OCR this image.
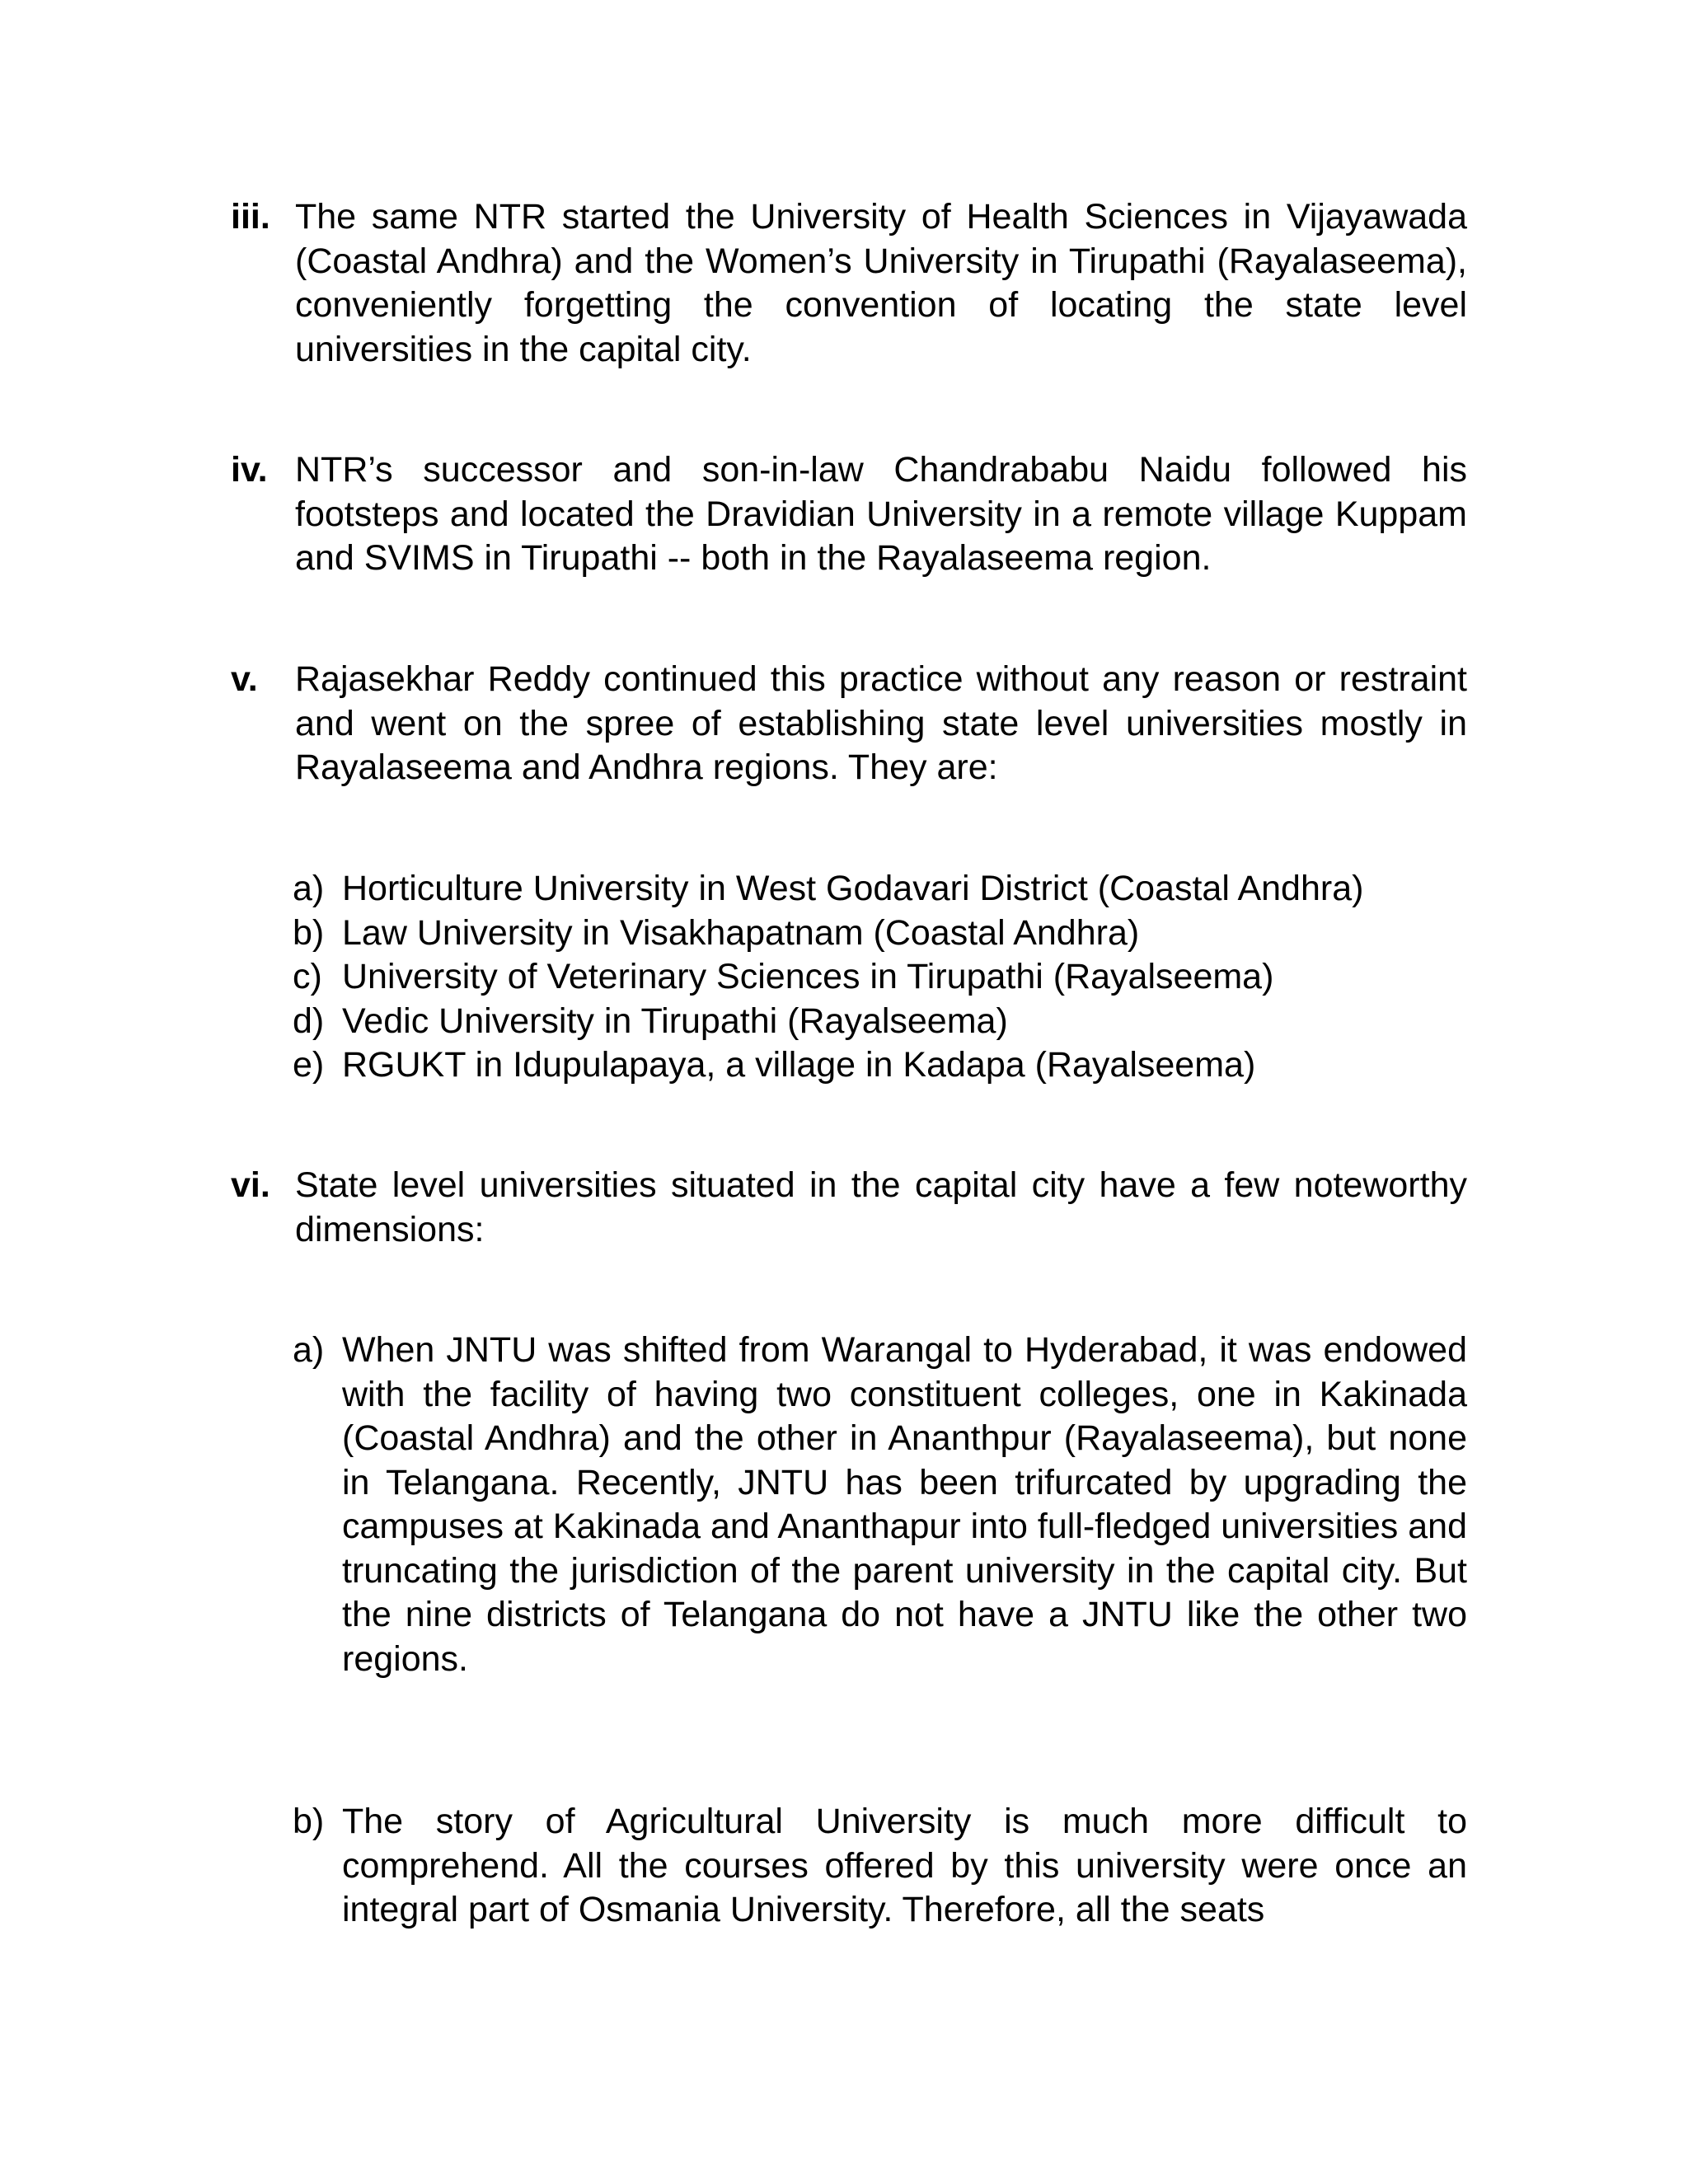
iii. The same NTR started the University of Health Sciences in Vijayawada (Coastal Andhra) and the Women’s University in Tirupathi (Rayalaseema), conveniently forgetting the convention of locating the state level universities in the capital city.
iv. NTR’s successor and son-in-law Chandrababu Naidu followed his footsteps and located the Dravidian University in a remote village Kuppam and SVIMS in Tirupathi -- both in the Rayalaseema region.
v. Rajasekhar Reddy continued this practice without any reason or restraint and went on the spree of establishing state level universities mostly in Rayalaseema and Andhra regions. They are:
a) Horticulture University in West Godavari District (Coastal Andhra)
b) Law University in Visakhapatnam (Coastal Andhra)
c) University of Veterinary Sciences in Tirupathi (Rayalseema)
d) Vedic University in Tirupathi (Rayalseema)
e) RGUKT in Idupulapaya, a village in Kadapa (Rayalseema)
vi. State level universities situated in the capital city have a few noteworthy dimensions:
a) When JNTU was shifted from Warangal to Hyderabad, it was endowed with the facility of having two constituent colleges, one in Kakinada (Coastal Andhra) and the other in Ananthpur (Rayalaseema), but none in Telangana. Recently, JNTU has been trifurcated by upgrading the campuses at Kakinada and Ananthapur into full-fledged universities and truncating the jurisdiction of the parent university in the capital city. But the nine districts of Telangana do not have a JNTU like the other two regions.
b) The story of Agricultural University is much more difficult to comprehend. All the courses offered by this university were once an integral part of Osmania University. Therefore, all the seats
